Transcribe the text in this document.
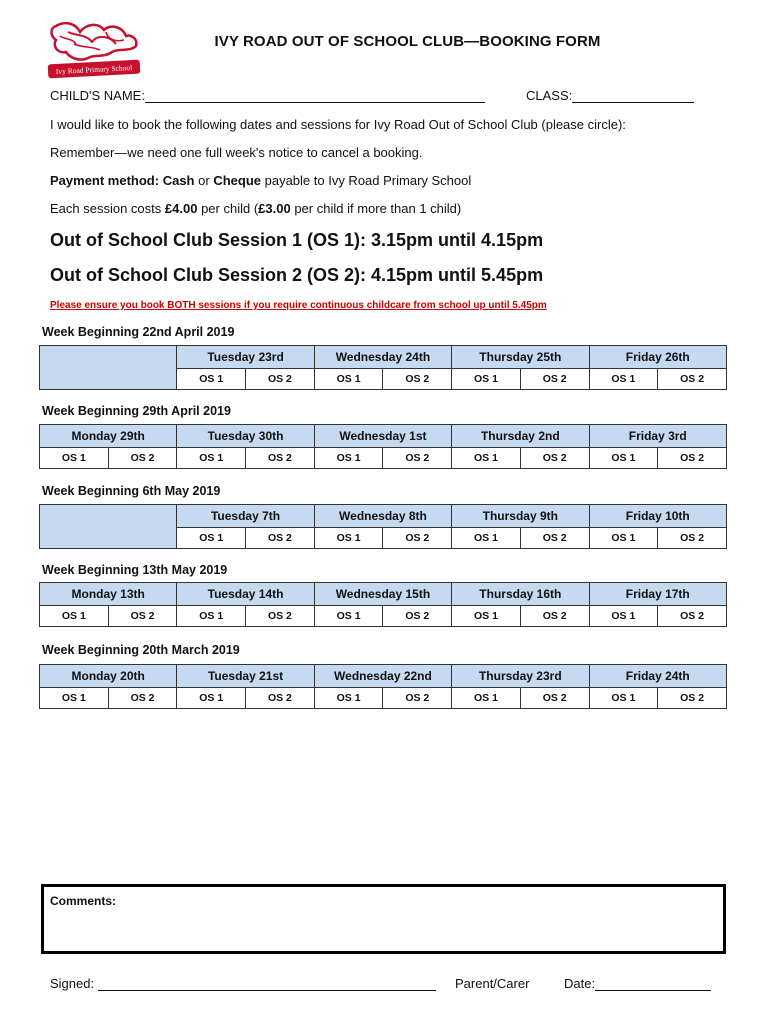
Ivy Road Primary School
IVY ROAD OUT OF SCHOOL CLUB—BOOKING FORM
CHILD'S NAME:	CLASS:
I would like to book the following dates and sessions for Ivy Road Out of School Club (please circle):
Remember—we need one full week's notice to cancel a booking.
Payment method: Cash or Cheque payable to Ivy Road Primary School
Each session costs £4.00 per child (£3.00 per child if more than 1 child)
Out of School Club Session 1 (OS 1): 3.15pm until 4.15pm
Out of School Club Session 2 (OS 2): 4.15pm until 5.45pm
Please ensure you book BOTH sessions if you require continuous childcare from school up until 5.45pm
Week Beginning 22nd April 2019
	Tuesday 23rd		Wednesday 24th		Thursday 25th		Friday 26th	
	OS 1	OS 2	OS 1	OS 2	OS 1	OS 2	OS 1	OS 2
Week Beginning 29th April 2019
Monday 29th		Tuesday 30th		Wednesday 1st		Thursday 2nd		Friday 3rd	
OS 1	OS 2	OS 1	OS 2	OS 1	OS 2	OS 1	OS 2	OS 1	OS 2
Week Beginning 6th May 2019
	Tuesday 7th		Wednesday 8th		Thursday 9th		Friday 10th	
	OS 1	OS 2	OS 1	OS 2	OS 1	OS 2	OS 1	OS 2
Week Beginning 13th May 2019
Monday 13th		Tuesday 14th		Wednesday 15th		Thursday 16th		Friday 17th	
OS 1	OS 2	OS 1	OS 2	OS 1	OS 2	OS 1	OS 2	OS 1	OS 2
Week Beginning 20th March 2019
Monday 20th		Tuesday 21st		Wednesday 22nd		Thursday 23rd		Friday 24th	
OS 1	OS 2	OS 1	OS 2	OS 1	OS 2	OS 1	OS 2	OS 1	OS 2
Comments:
Signed:	Parent/Carer	Date:
